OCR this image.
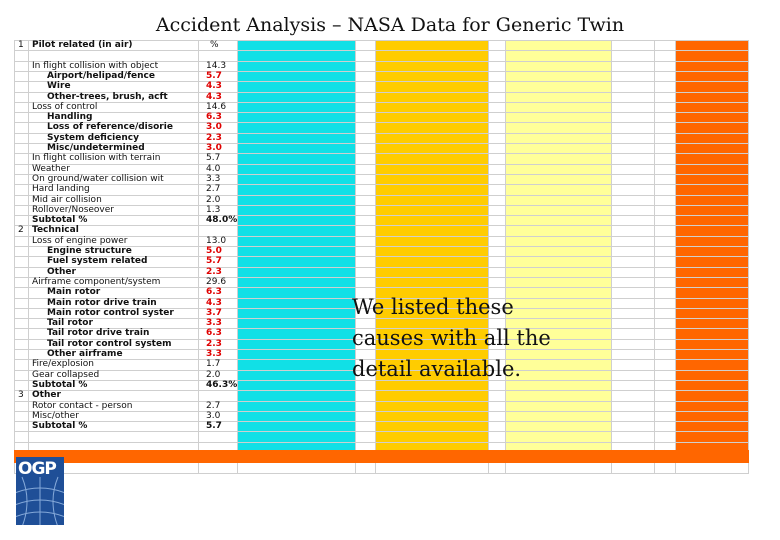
Accident Analysis – NASA Data for Generic Twin
%
1 Pilot related (in air)
In flight collision with object	14.3
Airport/helipad/fence	5.7
Wire	4.3
Other-trees, brush, acft	4.3
Loss of control	14.6
Handling	6.3
Loss of reference/disorie	3.0
System deficiency	2.3
Misc/undetermined	3.0
In flight collision with terrain	5.7
Weather	4.0
On ground/water collision wit	3.3
Hard landing	2.7
Mid air collision	2.0
Rollover/Noseover	1.3
Subtotal %	48.0%
2 Technical
Loss of engine power	13.0
Engine structure	5.0
Fuel system related	5.7
Other	2.3
Airframe component/system	29.6
Main rotor	6.3
Main rotor drive train	4.3
Main rotor control syster	3.7
Tail rotor	3.3
Tail rotor drive train	6.3
Tail rotor control system	2.3
Other airframe	3.3
Fire/explosion	1.7
Gear collapsed	2.0
Subtotal %	46.3%
3 Other
Rotor contact - person	2.7
Misc/other	3.0
Subtotal %	5.7
We listed these
causes with all the
detail available.
OGP
